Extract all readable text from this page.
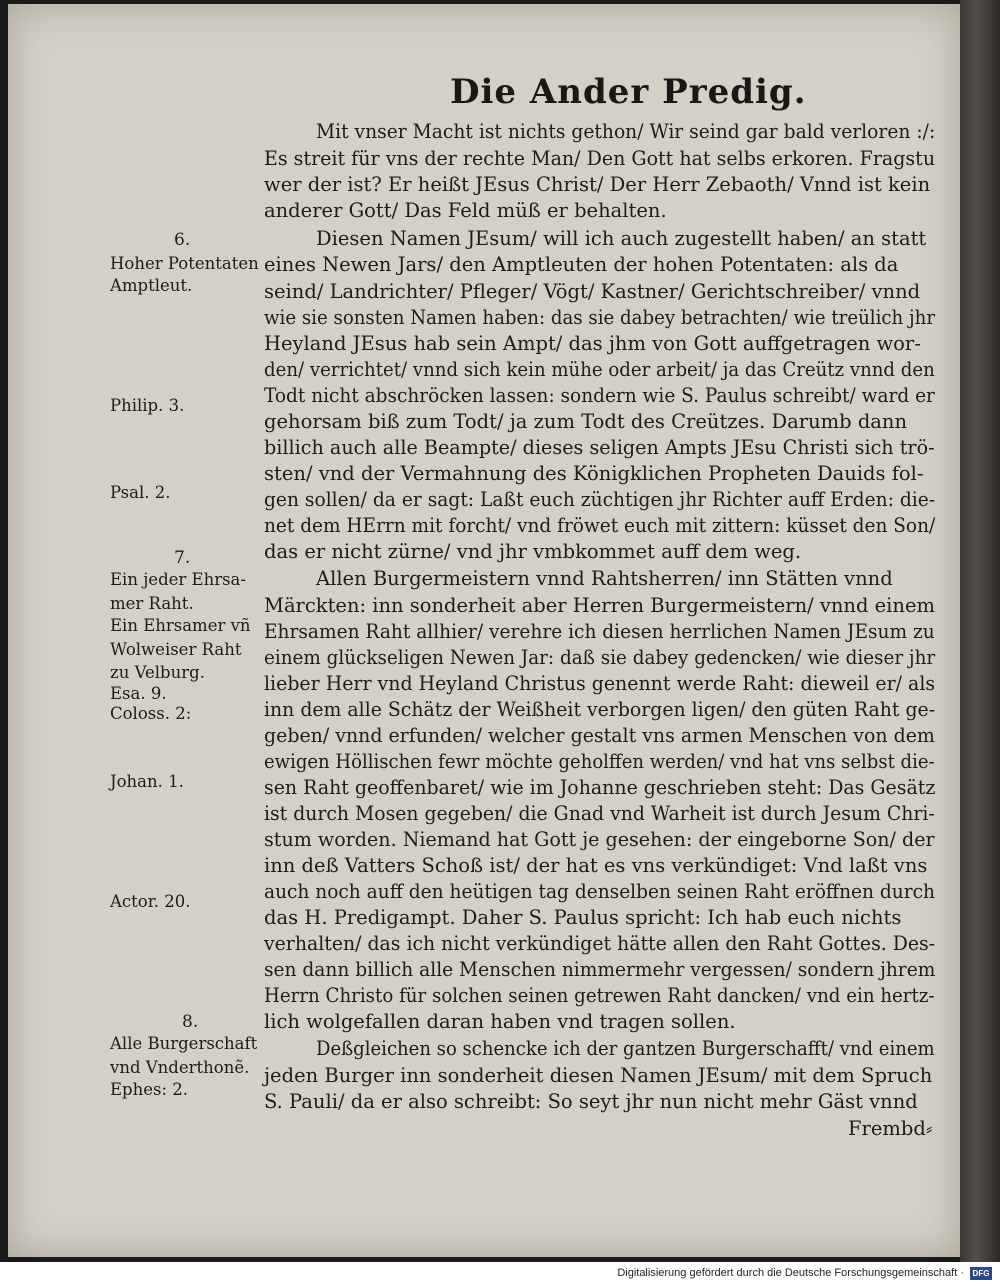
Die Ander Predig.
Mit vnser Macht ist nichts gethon/ Wir seind gar bald verloren :/:
Es streit für vns der rechte Man/ Den Gott hat selbs erkoren. Fragstu
wer der ist? Er heißt JEsus Christ/ Der Herr Zebaoth/ Vnnd ist kein
anderer Gott/ Das Feld müß er behalten.
Diesen Namen JEsum/ will ich auch zugestellt haben/ an statt
eines Newen Jars/ den Amptleuten der hohen Potentaten: als da
seind/ Landrichter/ Pfleger/ Vögt/ Kastner/ Gerichtschreiber/ vnnd
wie sie sonsten Namen haben: das sie dabey betrachten/ wie treülich jhr
Heyland JEsus hab sein Ampt/ das jhm von Gott auffgetragen wor-
den/ verrichtet/ vnnd sich kein mühe oder arbeit/ ja das Creütz vnnd den
Todt nicht abschröcken lassen: sondern wie S. Paulus schreibt/ ward er
gehorsam biß zum Todt/ ja zum Todt des Creützes. Darumb dann
billich auch alle Beampte/ dieses seligen Ampts JEsu Christi sich trö-
sten/ vnd der Vermahnung des Königklichen Propheten Dauids fol-
gen sollen/ da er sagt: Laßt euch züchtigen jhr Richter auff Erden: die-
net dem HErrn mit forcht/ vnd fröwet euch mit zittern: küsset den Son/
das er nicht zürne/ vnd jhr vmbkommet auff dem weg.
Allen Burgermeistern vnnd Rahtsherren/ inn Stätten vnnd
Märckten: inn sonderheit aber Herren Burgermeistern/ vnnd einem
Ehrsamen Raht allhier/ verehre ich diesen herrlichen Namen JEsum zu
einem glückseligen Newen Jar: daß sie dabey gedencken/ wie dieser jhr
lieber Herr vnd Heyland Christus genennt werde Raht: dieweil er/ als
inn dem alle Schätz der Weißheit verborgen ligen/ den güten Raht ge-
geben/ vnnd erfunden/ welcher gestalt vns armen Menschen von dem
ewigen Höllischen fewr möchte geholffen werden/ vnd hat vns selbst die-
sen Raht geoffenbaret/ wie im Johanne geschrieben steht: Das Gesätz
ist durch Mosen gegeben/ die Gnad vnd Warheit ist durch Jesum Chri-
stum worden. Niemand hat Gott je gesehen: der eingeborne Son/ der
inn deß Vatters Schoß ist/ der hat es vns verkündiget: Vnd laßt vns
auch noch auff den heütigen tag denselben seinen Raht eröffnen durch
das H. Predigampt. Daher S. Paulus spricht: Ich hab euch nichts
verhalten/ das ich nicht verkündiget hätte allen den Raht Gottes. Des-
sen dann billich alle Menschen nimmermehr vergessen/ sondern jhrem
Herrn Christo für solchen seinen getrewen Raht dancken/ vnd ein hertz-
lich wolgefallen daran haben vnd tragen sollen.
Deßgleichen so schencke ich der gantzen Burgerschafft/ vnd einem
jeden Burger inn sonderheit diesen Namen JEsum/ mit dem Spruch
S. Pauli/ da er also schreibt: So seyt jhr nun nicht mehr Gäst vnnd
Frembd⸗
6.
Hoher Potentaten
Amptleut.
Philip. 3.
Psal. 2.
7.
Ein jeder Ehrsa-
mer Raht.
Ein Ehrsamer vñ
Wolweiser Raht
zu Velburg.
Esa. 9.
Coloss. 2:
Johan. 1.
Actor. 20.
8.
Alle Burgerschaft
vnd Vnderthonẽ.
Ephes: 2.
Digitalisierung gefördert durch die Deutsche Forschungsgemeinschaft ·	DFG
